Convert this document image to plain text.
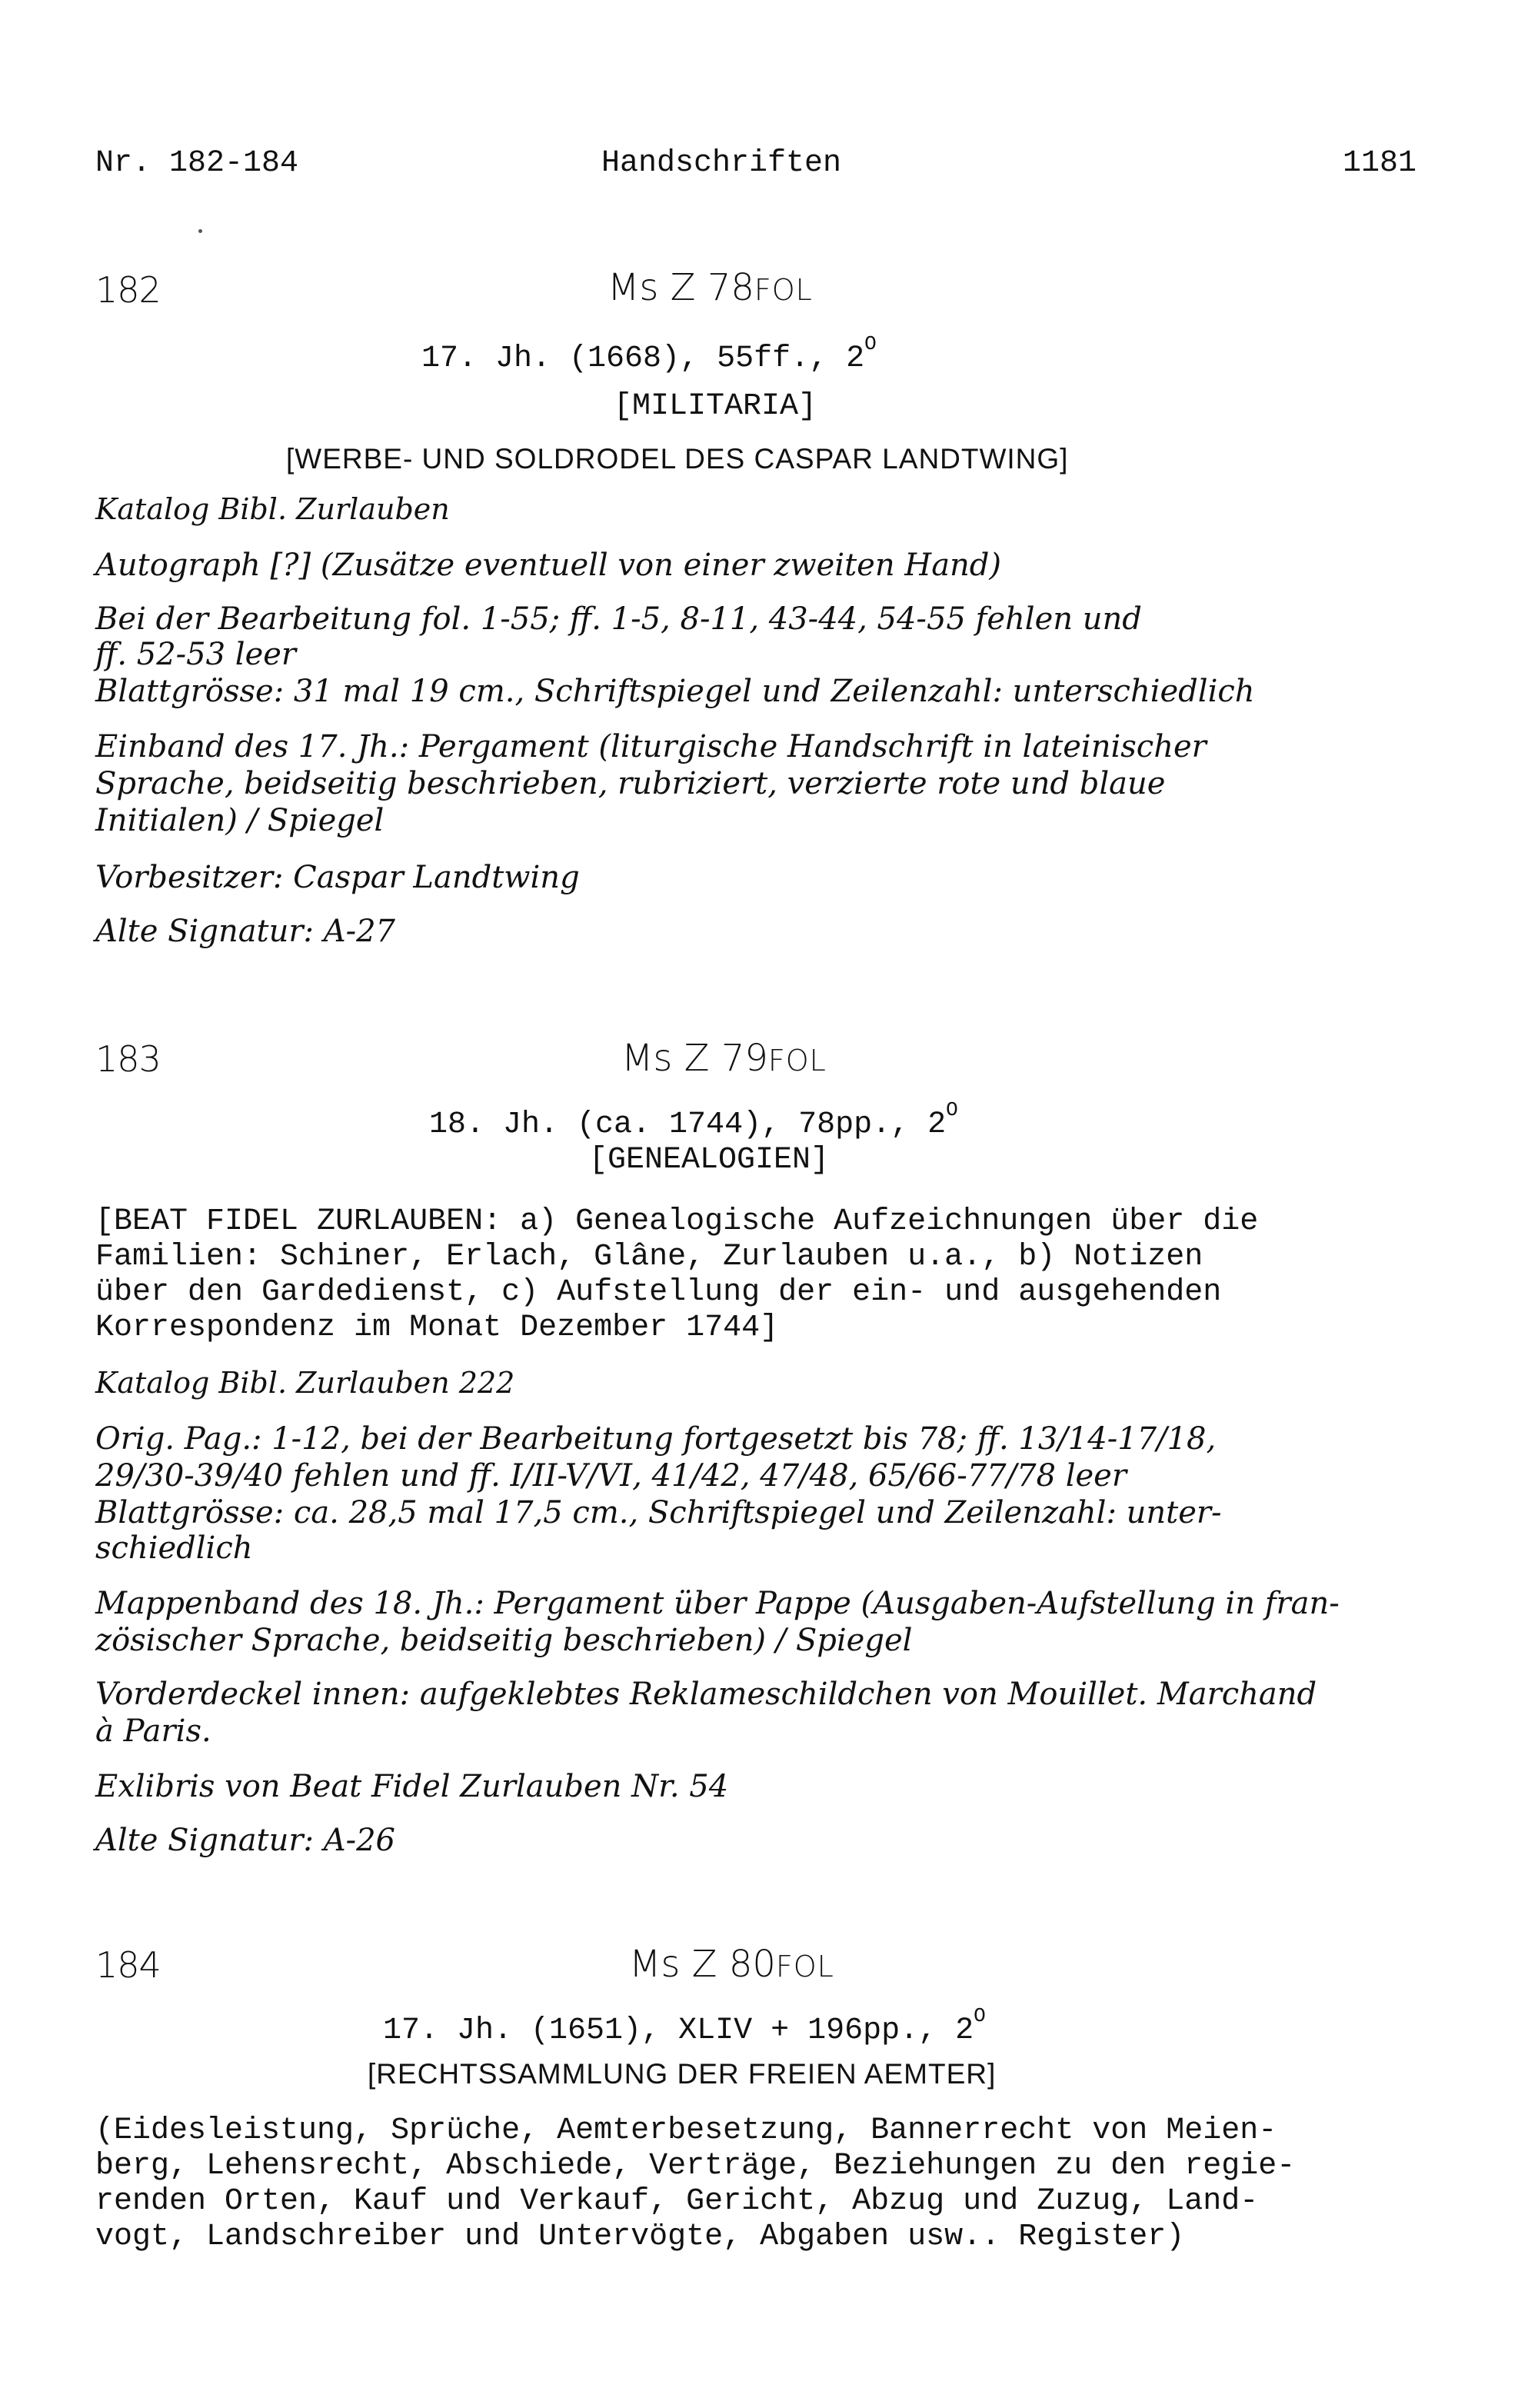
Nr. 182-184	Handschriften	1181
182	Ms Z 78FOL
17. Jh. (1668), 55ff., $2^O$
[MILITARIA]
[WERBE- UND SOLDRODEL DES CASPAR LANDTWING]
Katalog Bibl. Zurlauben
Autograph [?] (Zusätze eventuell von einer zweiten Hand)
Bei der Bearbeitung fol. 1-55; ff. 1-5, 8-11, 43-44, 54-55 fehlen und
ff. 52-53 leer
Blattgrösse: 31 mal 19 cm., Schriftspiegel und Zeilenzahl: unterschiedlich
Einband des 17. Jh.: Pergament (liturgische Handschrift in lateinischer
Sprache, beidseitig beschrieben, rubriziert, verzierte rote und blaue
Initialen) / Spiegel
Vorbesitzer: Caspar Landtwing
Alte Signatur: A-27
183	Ms Z 79FOL
18. Jh. (ca. 1744), 78pp., $2^O$
[GENEALOGIEN]
[BEAT FIDEL ZURLAUBEN: a) Genealogische Aufzeichnungen über die
Familien: Schiner, Erlach, Glâne, Zurlauben u.a., b) Notizen
über den Gardedienst, c) Aufstellung der ein- und ausgehenden
Korrespondenz im Monat Dezember 1744]
Katalog Bibl. Zurlauben 222
Orig. Pag.: 1-12, bei der Bearbeitung fortgesetzt bis 78; ff. 13/14-17/18,
29/30-39/40 fehlen und ff. I/II-V/VI, 41/42, 47/48, 65/66-77/78 leer
Blattgrösse: ca. 28,5 mal 17,5 cm., Schriftspiegel und Zeilenzahl: unter-
schiedlich
Mappenband des 18. Jh.: Pergament über Pappe (Ausgaben-Aufstellung in fran-
zösischer Sprache, beidseitig beschrieben) / Spiegel
Vorderdeckel innen: aufgeklebtes Reklameschildchen von Mouillet. Marchand
à Paris.
Exlibris von Beat Fidel Zurlauben Nr. 54
Alte Signatur: A-26
184	Ms Z 80FOL
17. Jh. (1651), XLIV + 196pp., $2^O$
[RECHTSSAMMLUNG DER FREIEN AEMTER]
(Eidesleistung, Sprüche, Aemterbesetzung, Bannerrecht von Meien-
berg, Lehensrecht, Abschiede, Verträge, Beziehungen zu den regie-
renden Orten, Kauf und Verkauf, Gericht, Abzug und Zuzug, Land-
vogt, Landschreiber und Untervögte, Abgaben usw.. Register)
